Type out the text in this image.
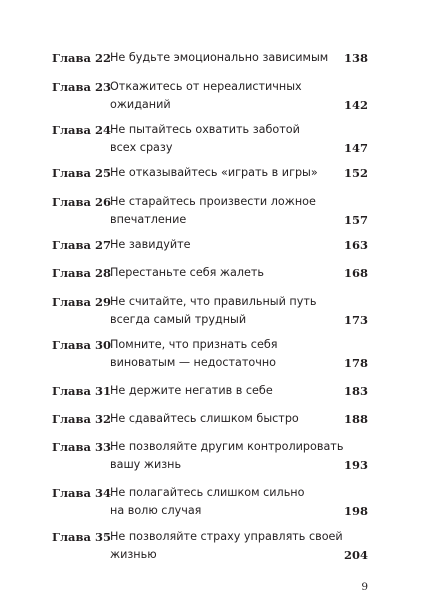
Глава 22 Не будьте эмоционально зависимым	138
Глава 23 Откажитесь от нереалистичных
ожиданий	142
Глава 24 Не пытайтесь охватить заботой
всех сразу	147
Глава 25 Не отказывайтесь «играть в игры»	152
Глава 26 Не старайтесь произвести ложное
впечатление	157
Глава 27 Не завидуйте	163
Глава 28 Перестаньте себя жалеть	168
Глава 29 Не считайте, что правильный путь
всегда самый трудный	173
Глава 30 Помните, что признать себя
виноватым — недостаточно	178
Глава 31 Не держите негатив в себе	183
Глава 32 Не сдавайтесь слишком быстро	188
Глава 33 Не позволяйте другим контролировать
вашу жизнь	193
Глава 34 Не полагайтесь слишком сильно
на волю случая	198
Глава 35 Не позволяйте страху управлять своей
жизнью	204
9
